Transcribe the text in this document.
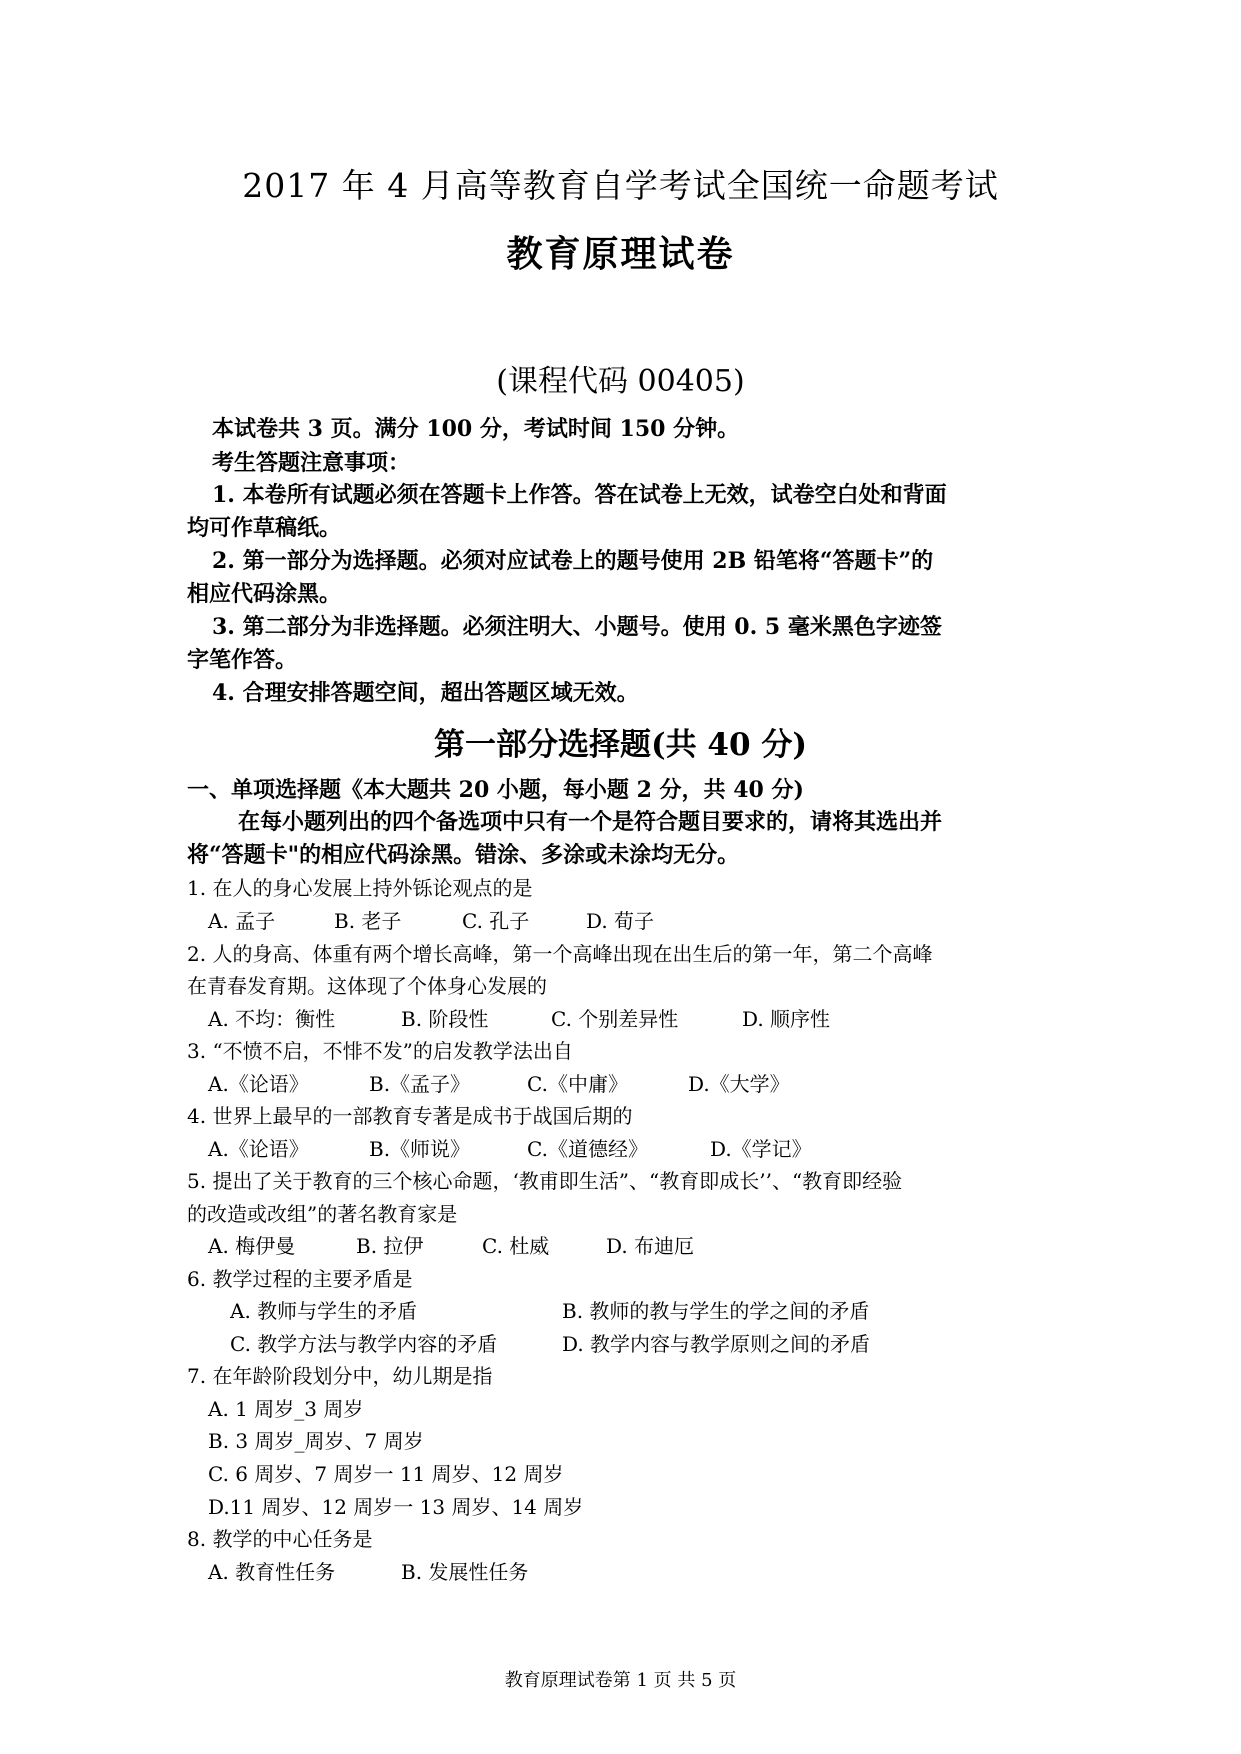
2017 年 4 月高等教育自学考试全国统一命题考试
教育原理试卷
(课程代码 00405)
本试卷共 3 页。满分 100 分，考试时间 150 分钟。
考生答题注意事项：
1. 本卷所有试题必须在答题卡上作答。答在试卷上无效，试卷空白处和背面
均可作草稿纸。
2. 第一部分为选择题。必须对应试卷上的题号使用 2B 铅笔将“答题卡”的
相应代码涂黑。
3. 第二部分为非选择题。必须注明大、小题号。使用 0. 5 毫米黑色字迹签
字笔作答。
4. 合理安排答题空间，超出答题区域无效。
第一部分选择题(共 40 分)
一、单项选择题《本大题共 20 小题，每小题 2 分，共 40 分)
在每小题列出的四个备选项中只有一个是符合题目要求的，请将其选出并
将“答题卡"的相应代码涂黑。错涂、多涂或未涂均无分。
1. 在人的身心发展上持外铄论观点的是
A. 孟子	B. 老子	C. 孔子	D. 荀子
2. 人的身高、体重有两个增长高峰，第一个高峰出现在出生后的第一年，第二个高峰
在青春发育期。这体现了个体身心发展的
A. 不均：衡性	B. 阶段性	C. 个别差异性	D. 顺序性
3. “不愤不启，不悱不发”的启发教学法出自
A.《论语》	B.《孟子》	C.《中庸》	D.《大学》
4. 世界上最早的一部教育专著是成书于战国后期的
A.《论语》	B.《师说》	C.《道德经》	D.《学记》
5. 提出了关于教育的三个核心命题，‘教甫即生活”、“教育即成长’’、“教育即经验
的改造或改组”的著名教育家是
A. 梅伊曼	B. 拉伊	C. 杜威	D. 布迪厄
6. 教学过程的主要矛盾是
A. 教师与学生的矛盾	B. 教师的教与学生的学之间的矛盾
C. 教学方法与教学内容的矛盾	D. 教学内容与教学原则之间的矛盾
7. 在年龄阶段划分中，幼儿期是指
A. 1 周岁_3 周岁
B. 3 周岁_周岁、7 周岁
C. 6 周岁、7 周岁一 11 周岁、12 周岁
D.11 周岁、12 周岁一 13 周岁、14 周岁
8. 教学的中心任务是
A. 教育性任务	B. 发展性任务
教育原理试卷第 1 页 共 5 页
